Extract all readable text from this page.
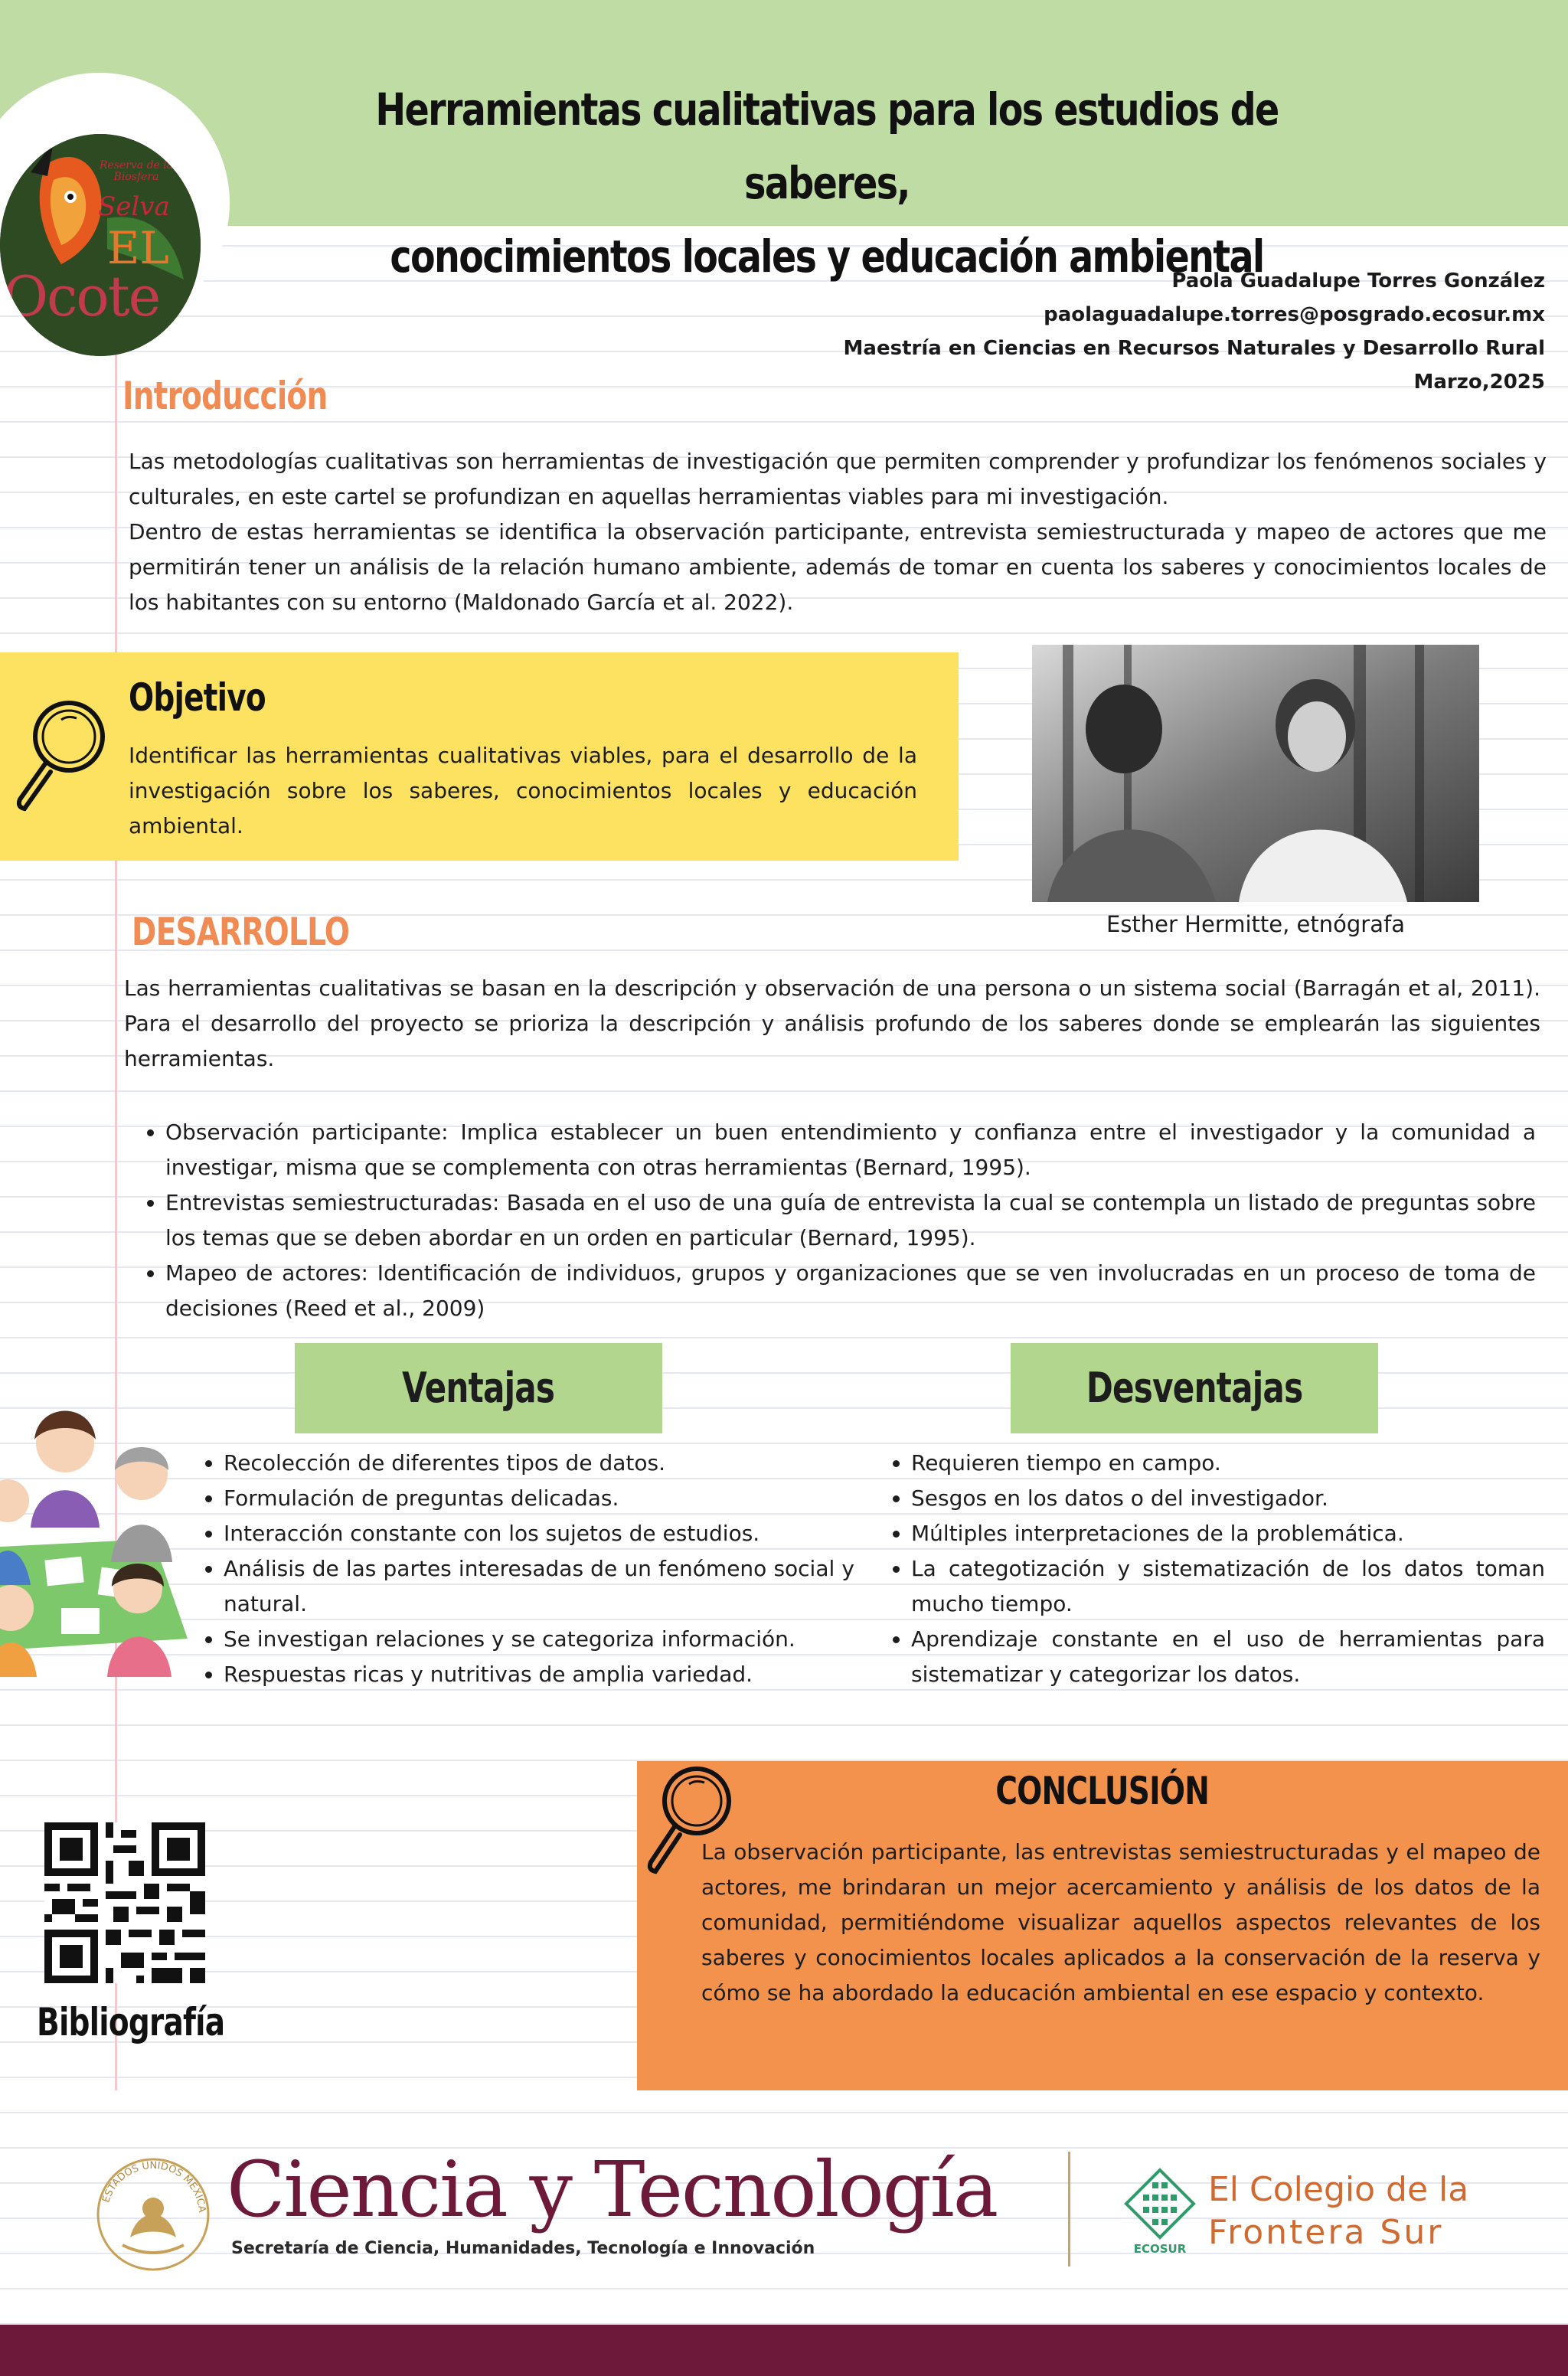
Herramientas cualitativas para los estudios de saberes,
conocimientos locales y educación ambiental
Reserva de la Biosfera
Selva
EL
Ocote	Paola Guadalupe Torres González
paolaguadalupe.torres@posgrado.ecosur.mx
Maestría en Ciencias en Recursos Naturales y Desarrollo Rural
Marzo,2025
Introducción
Las metodologías cualitativas son herramientas de investigación que permiten comprender y profundizar los fenómenos sociales y culturales, en este cartel se profundizan en aquellas herramientas viables para mi investigación.
Dentro de estas herramientas se identifica la observación participante, entrevista semiestructurada y mapeo de actores que me permitirán tener un análisis de la relación humano ambiente, además de tomar en cuenta los saberes y conocimientos locales de los habitantes con su entorno (Maldonado García et al. 2022).
Objetivo
Identificar las herramientas cualitativas viables, para el desarrollo de la investigación sobre los saberes, conocimientos locales y educación ambiental.
Esther Hermitte, etnógrafa
DESARROLLO
Las herramientas cualitativas se basan en la descripción y observación de una persona o un sistema social (Barragán et al, 2011). Para el desarrollo del proyecto se prioriza la descripción y análisis profundo de los saberes donde se emplearán las siguientes herramientas.
• Observación participante: Implica establecer un buen entendimiento y confianza entre el investigador y la comunidad a investigar, misma que se complementa con otras herramientas (Bernard, 1995).
• Entrevistas semiestructuradas: Basada en el uso de una guía de entrevista la cual se contempla un listado de preguntas sobre los temas que se deben abordar en un orden en particular (Bernard, 1995).
• Mapeo de actores: Identificación de individuos, grupos y organizaciones que se ven involucradas en un proceso de toma de decisiones (Reed et al., 2009)
Ventajas	Desventajas
• Recolección de diferentes tipos de datos.
• Formulación de preguntas delicadas.
• Interacción constante con los sujetos de estudios.
• Análisis de las partes interesadas de un fenómeno social y natural.
• Se investigan relaciones y se categoriza información.
• Respuestas ricas y nutritivas de amplia variedad.
• Requieren tiempo en campo.
• Sesgos en los datos o del investigador.
• Múltiples interpretaciones de la problemática.
• La categotización y sistematización de los datos toman mucho tiempo.
• Aprendizaje constante en el uso de herramientas para sistematizar y categorizar los datos.
Bibliografía
CONCLUSIÓN
La observación participante, las entrevistas semiestructuradas y el mapeo de actores, me brindaran un mejor acercamiento y análisis de los datos de la comunidad, permitiéndome visualizar aquellos aspectos relevantes de los saberes y conocimientos locales aplicados a la conservación de la reserva y cómo se ha abordado la educación ambiental en ese espacio y contexto.
ESTADOS UNIDOS MEXICA Ciencia y Tecnología
Secretaría de Ciencia, Humanidades, Tecnología e Innovación	ECOSUR
El Colegio de la
Frontera Sur
